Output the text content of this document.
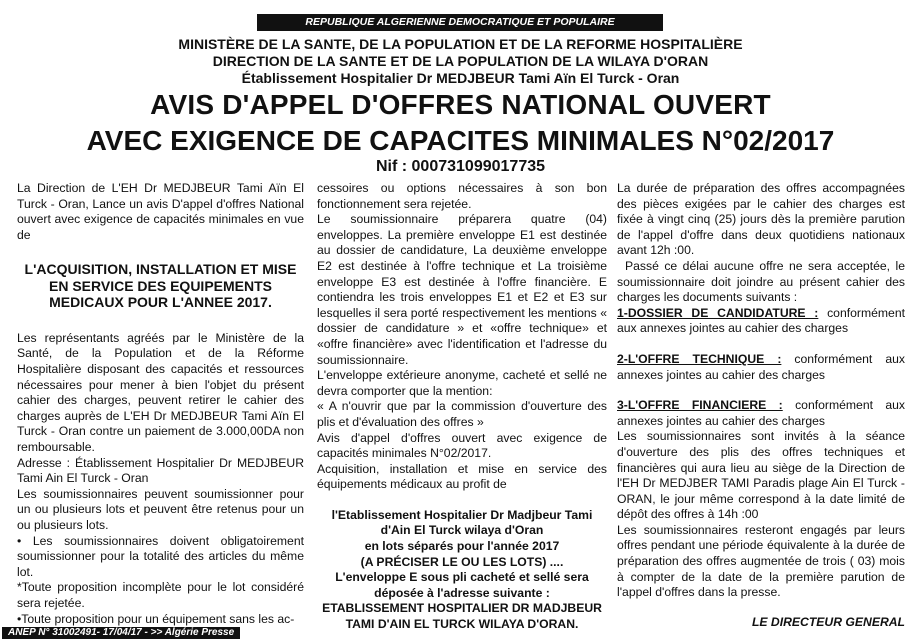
REPUBLIQUE ALGERIENNE DEMOCRATIQUE ET POPULAIRE
MINISTÈRE DE LA SANTE, DE LA POPULATION ET DE LA REFORME HOSPITALIÈRE
DIRECTION DE LA SANTE ET DE LA POPULATION DE LA WILAYA D'ORAN
Établissement Hospitalier Dr MEDJBEUR Tami Aïn El Turck - Oran
AVIS D'APPEL D'OFFRES NATIONAL OUVERT
AVEC EXIGENCE DE CAPACITES MINIMALES N°02/2017
Nif : 000731099017735

La Direction de L'EH Dr MEDJBEUR Tami Aïn El Turck - Oran, Lance un avis D'appel d'offres National ouvert avec exigence de capacités minimales en vue de

L'ACQUISITION, INSTALLATION ET MISE EN SERVICE DES EQUIPEMENTS MEDICAUX POUR L'ANNEE 2017.

Les représentants agréés par le Ministère de la Santé, de la Population et de la Réforme Hospitalière disposant des capacités et ressources nécessaires pour mener à bien l'objet du présent cahier des charges, peuvent retirer le cahier des charges auprès de L'EH Dr MEDJBEUR Tami Aïn El Turck - Oran contre un paiement de 3.000,00DA non remboursable.

Adresse : Établissement Hospitalier Dr MEDJBEUR Tami Ain El Turck - Oran

Les soumissionnaires peuvent soumissionner pour un ou plusieurs lots et peuvent être retenus pour un ou plusieurs lots.

• Les soumissionnaires doivent obligatoirement soumissionner pour la totalité des articles du même lot.

*Toute proposition incomplète pour le lot considéré sera rejetée.

•Toute proposition pour un équipement sans les ac-

cessoires ou options nécessaires à son bon fonctionnement sera rejetée.

Le soumissionnaire préparera quatre (04) enveloppes. La première enveloppe E1 est destinée au dossier de candidature, La deuxième enveloppe E2 est destinée à l'offre technique et La troisième enveloppe E3 est destinée à l'offre financière. E contiendra les trois enveloppes E1 et E2 et E3 sur lesquelles il sera porté respectivement les mentions « dossier de candidature » et «offre technique» et «offre financière» avec l'identification et l'adresse du soumissionnaire.

L'enveloppe extérieure anonyme, cacheté et sellé ne devra comporter que la mention:

« A n'ouvrir que par la commission d'ouverture des plis et d'évaluation des offres »

Avis d'appel d'offres ouvert avec exigence de capacités minimales N°02/2017.

Acquisition, installation et mise en service des équipements médicaux au profit de

l'Etablissement Hospitalier Dr Madjbeur Tami d'Ain El Turck wilaya d'Oran

en lots séparés pour l'année 2017

(A PRÉCISER LE OU LES LOTS) ....

L'enveloppe E sous pli cacheté et sellé sera déposée à l'adresse suivante :

ETABLISSEMENT HOSPITALIER DR MADJBEUR TAMI D'AIN EL TURCK WILAYA D'ORAN.

La durée de préparation des offres accompagnées des pièces exigées par le cahier des charges est fixée à vingt cinq (25) jours dès la première parution de l'appel d'offre dans deux quotidiens nationaux avant 12h :00.

Passé ce délai aucune offre ne sera acceptée, le soumissionnaire doit joindre au présent cahier des charges les documents suivants :

1-DOSSIER DE CANDIDATURE : conformément aux annexes jointes au cahier des charges

2-L'OFFRE TECHNIQUE : conformément aux annexes jointes au cahier des charges

3-L'OFFRE FINANCIERE : conformément aux annexes jointes au cahier des charges

Les soumissionnaires sont invités à la séance d'ouverture des plis des offres techniques et financières qui aura lieu au siège de la Direction de l'EH Dr MEDJBER TAMI Paradis plage Ain El Turck - ORAN, le jour même correspond à la date limité de dépôt des offres à 14h :00

Les soumissionnaires resteront engagés par leurs offres pendant une période équivalente à la durée de préparation des offres augmentée de trois ( 03) mois à compter de la date de la première parution de l'appel d'offres dans la presse.

LE DIRECTEUR GENERAL

ANEP N° 31002491- 17/04/17 - >> Algérie Presse
